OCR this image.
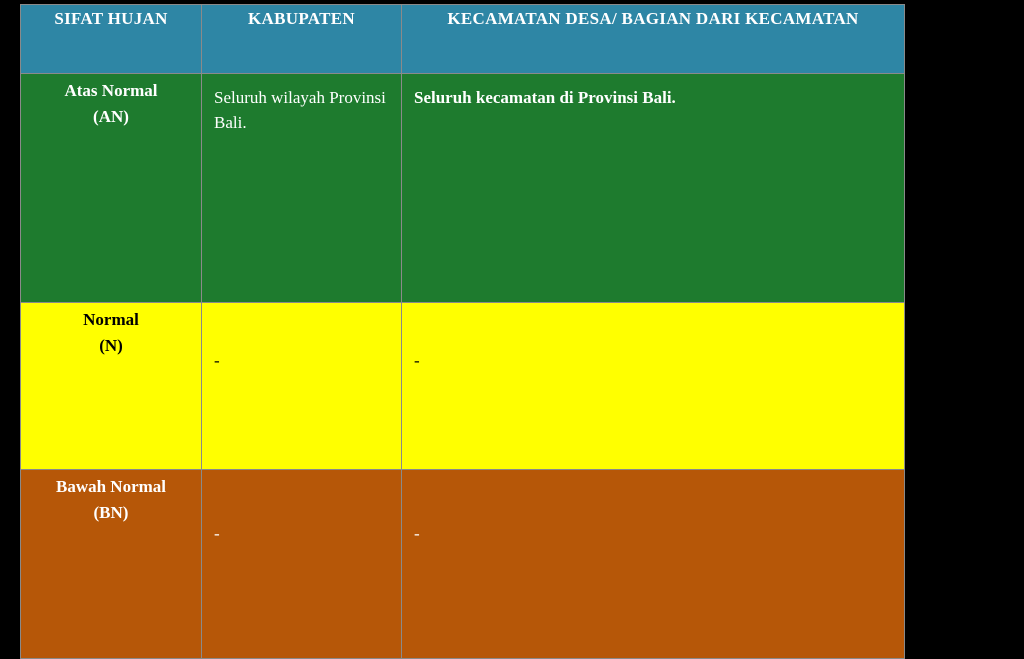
SIFAT HUJAN	KABUPATEN	KECAMATAN DESA/ BAGIAN DARI KECAMATAN
Atas Normal
(AN)	Seluruh wilayah Provinsi Bali.	Seluruh kecamatan di Provinsi Bali.
Normal
(N)	-	-
Bawah Normal
(BN)	-	-
